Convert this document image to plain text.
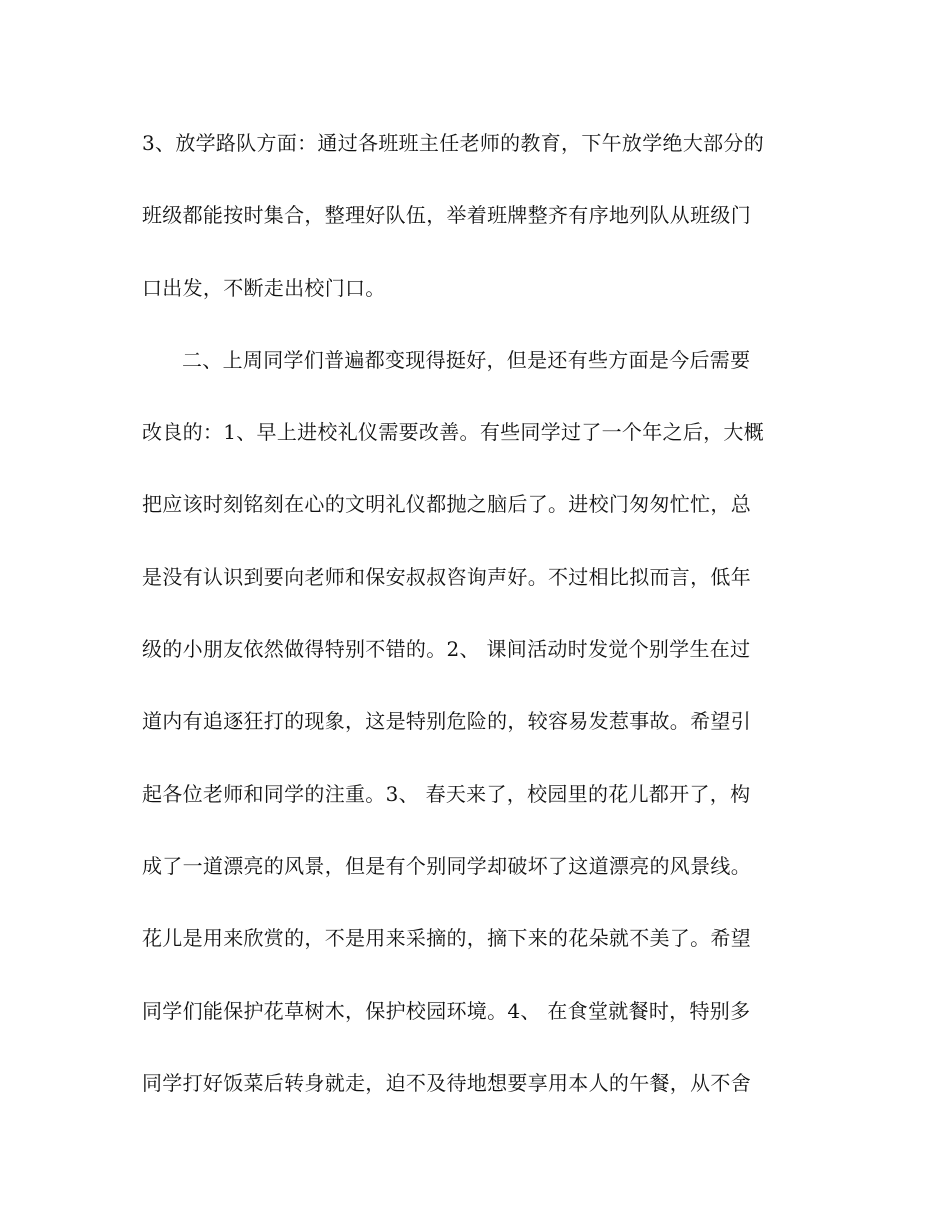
3、放学路队方面：通过各班班主任老师的教育，下午放学绝大部分的
班级都能按时集合，整理好队伍，举着班牌整齐有序地列队从班级门
口出发，不断走出校门口。
二、上周同学们普遍都变现得挺好，但是还有些方面是今后需要
改良的：1、早上进校礼仪需要改善。有些同学过了一个年之后，大概
把应该时刻铭刻在心的文明礼仪都抛之脑后了。进校门匆匆忙忙，总
是没有认识到要向老师和保安叔叔咨询声好。不过相比拟而言，低年
级的小朋友依然做得特别不错的。2、 课间活动时发觉个别学生在过
道内有追逐狂打的现象，这是特别危险的，较容易发惹事故。希望引
起各位老师和同学的注重。3、 春天来了，校园里的花儿都开了，构
成了一道漂亮的风景，但是有个别同学却破坏了这道漂亮的风景线。
花儿是用来欣赏的，不是用来采摘的，摘下来的花朵就不美了。希望
同学们能保护花草树木，保护校园环境。4、 在食堂就餐时，特别多
同学打好饭菜后转身就走，迫不及待地想要享用本人的午餐，从不舍
